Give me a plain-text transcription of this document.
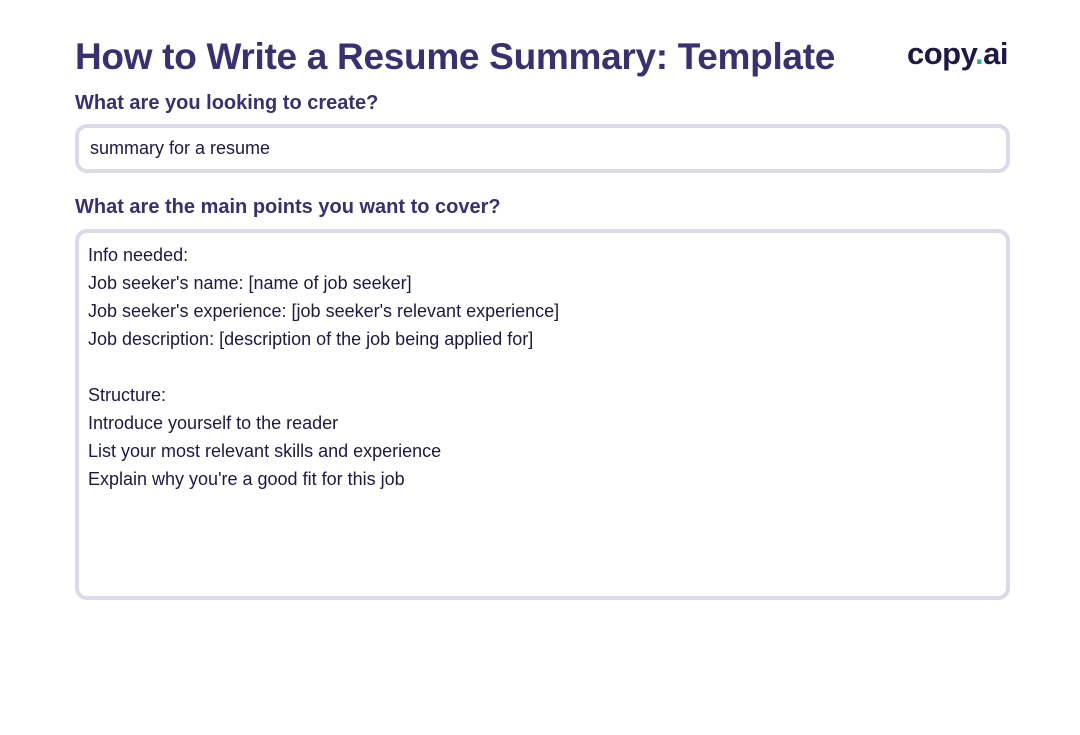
How to Write a Resume Summary: Template copy.ai
What are you looking to create?
summary for a resume
What are the main points you want to cover?
Info needed:
Job seeker's name: [name of job seeker]
Job seeker's experience: [job seeker's relevant experience]
Job description: [description of the job being applied for]
Structure:
Introduce yourself to the reader
List your most relevant skills and experience
Explain why you're a good fit for this job
